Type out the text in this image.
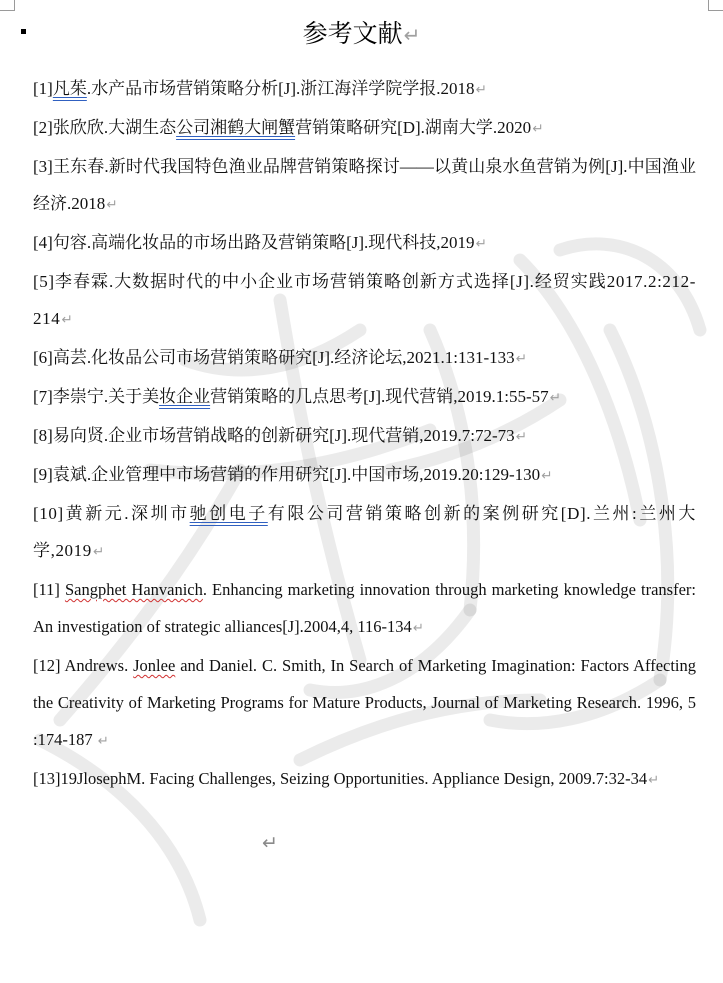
参考文献↵

[1]凡茱.水产品市场营销策略分析[J].浙江海洋学院学报.2018↵

[2]张欣欣.大湖生态公司湘鹤大闸蟹营销策略研究[D].湖南大学.2020↵

[3]王东春.新时代我国特色渔业品牌营销策略探讨——以黄山泉水鱼营销为例[J].中国渔业经济.2018↵

[4]句容.高端化妆品的市场出路及营销策略[J].现代科技,2019↵

[5]李春霖.大数据时代的中小企业市场营销策略创新方式选择[J].经贸实践2017.2:212-214↵

[6]高芸.化妆品公司市场营销策略研究[J].经济论坛,2021.1:131-133↵

[7]李崇宁.关于美妆企业营销策略的几点思考[J].现代营销,2019.1:55-57↵

[8]易向贤.企业市场营销战略的创新研究[J].现代营销,2019.7:72-73↵

[9]袁斌.企业管理中市场营销的作用研究[J].中国市场,2019.20:129-130↵

[10]黄新元.深圳市驰创电子有限公司营销策略创新的案例研究[D].兰州:兰州大学,2019↵

[11] Sangphet Hanvanich. Enhancing marketing innovation through marketing knowledge transfer: An investigation of strategic alliances[J].2004,4, 116-134↵

[12] Andrews. Jonlee and Daniel. C. Smith, In Search of Marketing Imagination: Factors Affecting the Creativity of Marketing Programs for Mature Products, Journal of Marketing Research. 1996, 5 :174-187 ↵

[13]19JlosephM. Facing Challenges, Seizing Opportunities. Appliance Design, 2009.7:32-34↵

↵
